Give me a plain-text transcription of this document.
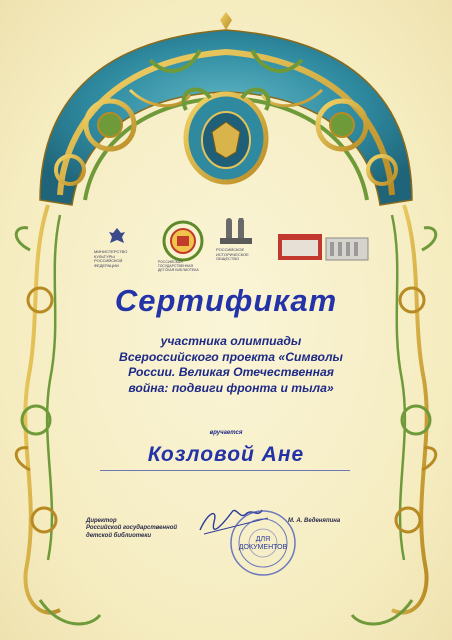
МИНИСТЕРСТВО КУЛЬТУРЫ
РОССИЙСКОЙ ФЕДЕРАЦИИ
РОССИЙСКАЯ ГОСУДАРСТВЕННАЯ
ДЕТСКАЯ БИБЛИОТЕКА
РОССИЙСКОЕ
ИСТОРИЧЕСКОЕ
ОБЩЕСТВО
Сертификат
участника олимпиады
Всероссийского проекта «Символы
России. Великая Отечественная
война: подвиги фронта и тыла»
вручается
Козловой Ане
Директор
Российской государственной
детской библиотеки
М. А. Веденяпина
ДЛЯ
ДОКУМЕНТОВ
